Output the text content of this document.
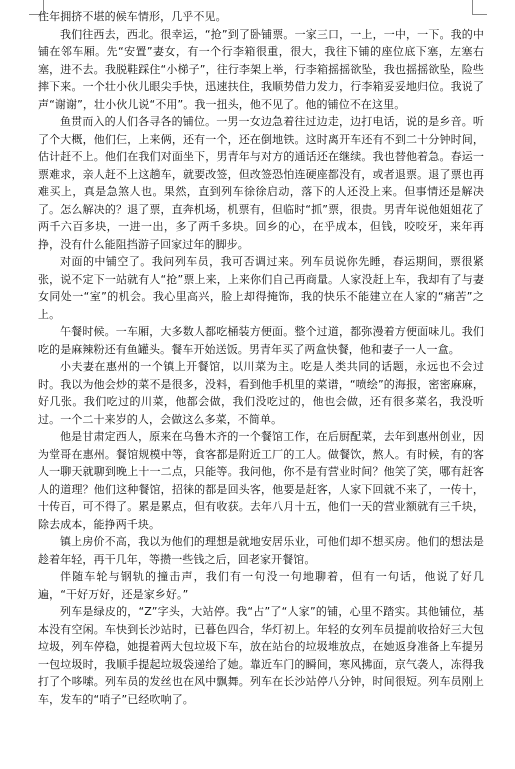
住年拥挤不堪的候车情形，几乎不见。

我们往西去，西北。很幸运，“抢”到了卧铺票。一家三口，一上，一中，一下。我的中铺在邻车厢。先“安置”妻女，有一个行李箱很重，很大，我往下铺的座位底下塞，左塞右塞，进不去。我脱鞋踩住“小梯子”，往行李架上举，行李箱摇摇欲坠，我也摇摇欲坠，险些摔下来。一个壮小伙儿眼尖手快，迅速扶住，我顺势借力发力，行李箱妥妥地归位。我说了声“谢谢”，壮小伙儿说“不用”。我一扭头，他不见了。他的铺位不在这里。

鱼贯而入的人们各寻各的铺位。一男一女边急着往过边走，边打电话，说的是乡音。听了个大概，他们仨，上来俩，还有一个，还在倒地铁。这时离开车还有不到二十分钟时间，估计赶不上。他们在我们对面坐下，男青年与对方的通话还在继续。我也替他着急。春运一票难求，亲人赶不上这趟车，就要改签，但改签恐怕连硬座都没有，或者退票。退了票也再难买上，真是急煞人也。果然，直到列车徐徐启动，落下的人还没上来。但事情还是解决了。怎么解决的？退了票，直奔机场，机票有，但临时“抓”票，很贵。男青年说他姐姐花了两千六百多块，一进一出，多了两千多块。回乡的心，在乎成本，但钱，咬咬牙，来年再挣，没有什么能阻挡游子回家过年的脚步。

对面的中铺空了。我问列车员，我可否调过来。列车员说你先睡，春运期间，票很紧张，说不定下一站就有人“抢”票上来，上来你们自己再商量。人家没赶上车，我却有了与妻女同处一“室”的机会。我心里高兴，脸上却得掩饰，我的快乐不能建立在人家的“痛苦”之上。

午餐时候。一车厢，大多数人都吃桶装方便面。整个过道，都弥漫着方便面味儿。我们吃的是麻辣粉还有鱼罐头。餐车开始送饭。男青年买了两盒快餐，他和妻子一人一盒。

小夫妻在惠州的一个镇上开餐馆，以川菜为主。吃是人类共同的话题，永远也不会过时。我以为他会炒的菜不是很多，没料，看到他手机里的菜谱，“喷绘”的海报，密密麻麻，好几张。我们吃过的川菜，他都会做，我们没吃过的，他也会做，还有很多菜名，我没听过。一个二十来岁的人，会做这么多菜，不简单。

他是甘肃定西人，原来在乌鲁木齐的一个餐馆工作，在后厨配菜，去年到惠州创业，因为堂哥在惠州。餐馆规模中等，食客都是附近工厂的工人。做餐饮，熬人。有时候，有的客人一聊天就聊到晚上十一二点，只能等。我问他，你不是有营业时间？他笑了笑，哪有赶客人的道理？他们这种餐馆，招徕的都是回头客，他要是赶客，人家下回就不来了，一传十，十传百，可不得了。累是累点，但有收获。去年八月十五，他们一天的营业额就有三千块，除去成本，能挣两千块。

镇上房价不高，我以为他们的理想是就地安居乐业，可他们却不想买房。他们的想法是趁着年轻，再干几年，等攒一些钱之后，回老家开餐馆。

伴随车轮与钢轨的撞击声，我们有一句没一句地聊着，但有一句话，他说了好几遍，“干好万好，还是家乡好。”

列车是绿皮的，“Z”字头，大站停。我“占”了“人家”的铺，心里不踏实。其他铺位，基本没有空闲。车快到长沙站时，已暮色四合，华灯初上。年轻的女列车员提前收拾好三大包垃圾，列车停稳，她提着两大包垃圾下车，放在站台的垃圾堆放点，在她返身准备上车提另一包垃圾时，我顺手提起垃圾袋递给了她。靠近车门的瞬间，寒风拂面，京气袭人，冻得我打了个哆嗦。列车员的发丝也在风中飘舞。列车在长沙站停八分钟，时间很短。列车员刚上车，发车的“哨子”已经吹响了。
